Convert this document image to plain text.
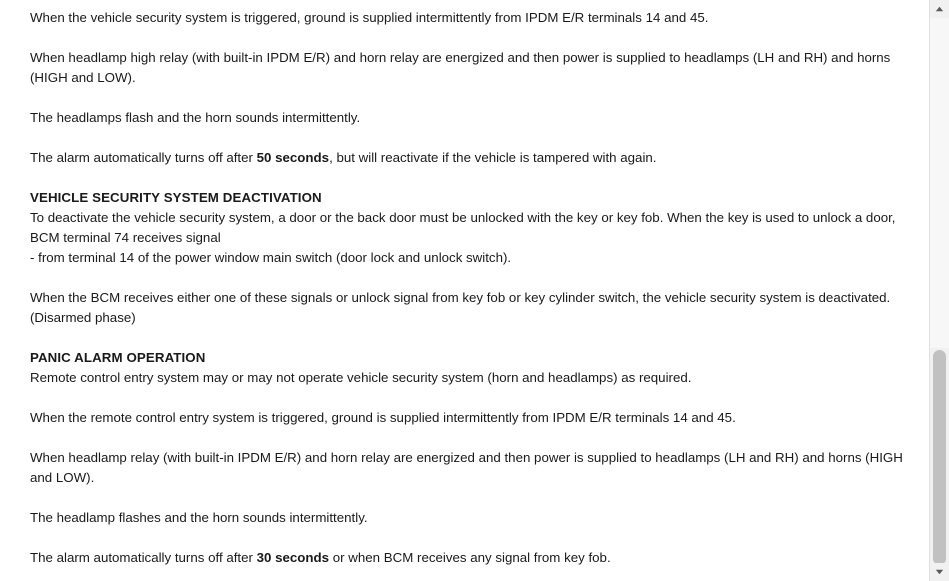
When the vehicle security system is triggered, ground is supplied intermittently from IPDM E/R terminals 14 and 45.

When headlamp high relay (with built-in IPDM E/R) and horn relay are energized and then power is supplied to headlamps (LH and RH) and horns (HIGH and LOW).

The headlamps flash and the horn sounds intermittently.

The alarm automatically turns off after 50 seconds, but will reactivate if the vehicle is tampered with again.

VEHICLE SECURITY SYSTEM DEACTIVATION

To deactivate the vehicle security system, a door or the back door must be unlocked with the key or key fob. When the key is used to unlock a door, BCM terminal 74 receives signal

- from terminal 14 of the power window main switch (door lock and unlock switch).

When the BCM receives either one of these signals or unlock signal from key fob or key cylinder switch, the vehicle security system is deactivated. (Disarmed phase)

PANIC ALARM OPERATION

Remote control entry system may or may not operate vehicle security system (horn and headlamps) as required.

When the remote control entry system is triggered, ground is supplied intermittently from IPDM E/R terminals 14 and 45.

When headlamp relay (with built-in IPDM E/R) and horn relay are energized and then power is supplied to headlamps (LH and RH) and horns (HIGH and LOW).

The headlamp flashes and the horn sounds intermittently.

The alarm automatically turns off after 30 seconds or when BCM receives any signal from key fob.
